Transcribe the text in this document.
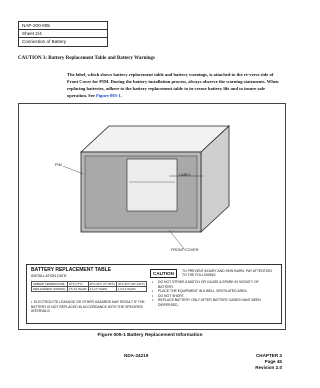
NAP-200-005
Sheet 2/4
Connection of Battery
CAUTION 3: Battery Replacement Table and Battery Warnings
The label, which shows battery replacement table and battery warnings, is attached to the re-verse side of Front Cover for PIM. During the battery installation process, always observe the warning statements. When replacing batteries, adhere to the battery replacement table to in-crease battery life and to insure safe operation. See Figure 005-1.
PIM
LABEL
FRONT COVER
BATTERY REPLACEMENT TABLE
INSTALLATION DATE:
AMBIENT TEMPERATURE	20°C (77°F)	20°C-30°C (77°-86°F)	30°C-40°C (86°-104°F)
REPLACEMENT INTERVAL	2.5-3.5 YEARS	2.0-2.5 YEARS	1.0-2.0 YEARS
•  ELECTROLYTE LEAKAGE OR OTHER HAZARDS MAY RESULT IF THE BATTERY IS NOT REPLACED IN ACCORDANCE WITH THE SPECIFIED INTERVALS.
CAUTION	TO PREVENT INJURY AND SKIN BURN, PAY ATTENTION TO THE FOLLOWING.
• DO NOT STRIKE A MATCH OR CAUSE A SPARK IN VICINITY OF BATTERY.
• PLACE THE EQUIPMENT IN A WELL VENTILATED AREA.
• DO NOT SHORT.
• REPLACE BATTERY ONLY AFTER BATTERY GASES HAVE BEEN DISPERSED.
Figure 005-1 Battery Replacement Information
NDA-24219	CHAPTER 3
Page 45
Revision 2.0
